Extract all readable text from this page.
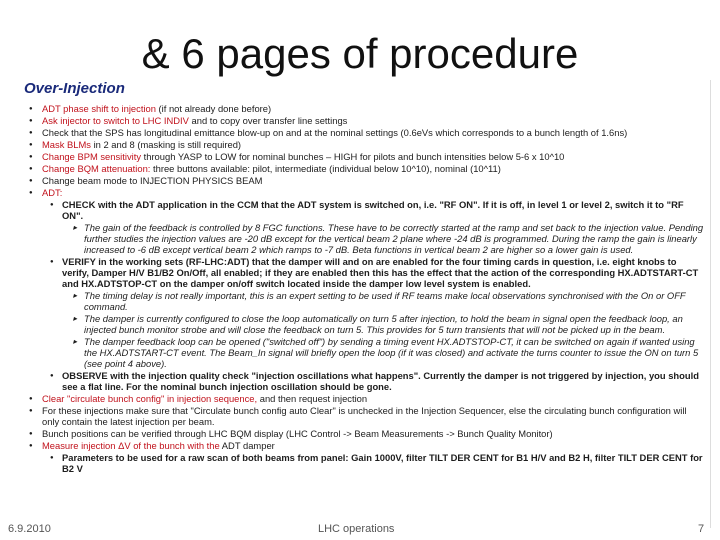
& 6 pages of procedure
Over-Injection
● ADT phase shift to injection (if not already done before)
● Ask injector to switch to LHC INDIV and to copy over transfer line settings
● Check that the SPS has longitudinal emittance blow-up on and at the nominal settings (0.6eVs which corresponds to a bunch length of 1.6ns)
● Mask BLMs in 2 and 8 (masking is still required)
● Change BPM sensitivity through YASP to LOW for nominal bunches – HIGH for pilots and bunch intensities below 5-6 x 10^10
● Change BQM attenuation: three buttons available: pilot, intermediate (individual below 10^10), nominal (10^11)
● Change beam mode to INJECTION PHYSICS BEAM
● ADT:
● CHECK with the ADT application in the CCM that the ADT system is switched on, i.e. "RF ON". If it is off, in level 1 or level 2, switch it to "RF ON".
▸ The gain of the feedback is controlled by 8 FGC functions. These have to be correctly started at the ramp and set back to the injection value. Pending further studies the injection values are -20 dB except for the vertical beam 2 plane where -24 dB is programmed. During the ramp the gain is linearly increased to -6 dB except vertical beam 2 which ramps to -7 dB. Beta functions in vertical beam 2 are higher so a lower gain is used.
● VERIFY in the working sets (RF-LHC:ADT) that the damper will and on are enabled for the four timing cards in question, i.e. eight knobs to verify, Damper H/V B1/B2 On/Off, all enabled; if they are enabled then this has the effect that the action of the corresponding HX.ADTSTART-CT and HX.ADTSTOP-CT on the damper on/off switch located inside the damper low level system is enabled.
▸ The timing delay is not really important, this is an expert setting to be used if RF teams make local observations synchronised with the On or OFF command.
▸ The damper is currently configured to close the loop automatically on turn 5 after injection, to hold the beam in signal open the feedback loop, an injected bunch monitor strobe and will close the feedback on turn 5. This provides for 5 turn transients that will not be picked up in the beam.
▸ The damper feedback loop can be opened ("switched off") by sending a timing event HX.ADTSTOP-CT, it can be switched on again if wanted using the HX.ADTSTART-CT event. The Beam_In signal will briefly open the loop (if it was closed) and activate the turns counter to issue the ON on turn 5 (see point 4 above).
● OBSERVE with the injection quality check "injection oscillations what happens". Currently the damper is not triggered by injection, you should see a flat line. For the nominal bunch injection oscillation should be gone.
● Clear "circulate bunch config" in injection sequence, and then request injection
● For these injections make sure that "Circulate bunch config auto Clear" is unchecked in the Injection Sequencer, else the circulating bunch configuration will only contain the latest injection per beam.
● Bunch positions can be verified through LHC BQM display (LHC Control -> Beam Measurements -> Bunch Quality Monitor)
● Measure injection ΔV of the bunch with the ADT damper
● Parameters to be used for a raw scan of both beams from panel: Gain 1000V, filter TILT DER CENT for B1 H/V and B2 H, filter TILT DER CENT for B2 V
6.9.2010	LHC operations	7
